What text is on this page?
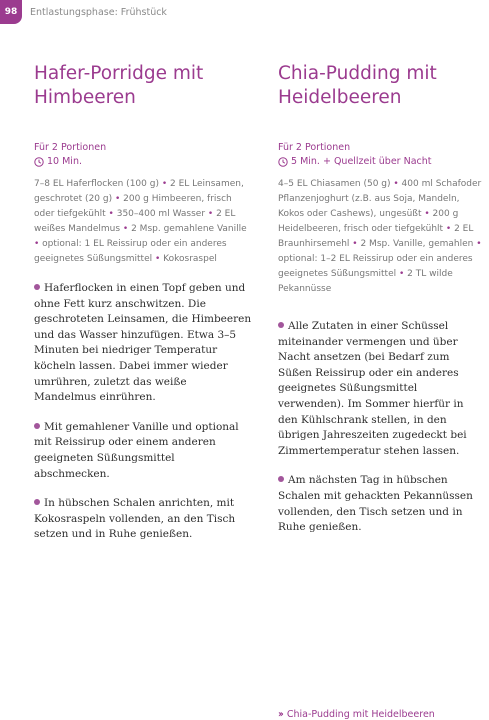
98 Entlastungsphase: Frühstück
Hafer-Porridge mit
Himbeeren
Für 2 Portionen
10 Min.
7–8 EL Haferflocken (100 g) • 2 EL Leinsamen, geschrotet (20 g) • 200 g Himbeeren, frisch oder tiefgekühlt • 350–400 ml Wasser • 2 EL weißes Mandelmus • 2 Msp. gemahlene Vanille • optional: 1 EL Reissirup oder ein anderes geeignetes Süßungsmittel • Kokosraspel

Haferflocken in einen Topf geben und ohne Fett kurz anschwitzen. Die geschroteten Leinsamen, die Himbeeren und das Wasser hinzufügen. Etwa 3–5 Minuten bei niedriger Temperatur köcheln lassen. Dabei immer wieder umrühren, zuletzt das weiße Mandelmus einrühren.

Mit gemahlener Vanille und optional mit Reissirup oder einem anderen geeigneten Süßungsmittel abschmecken.

In hübschen Schalen anrichten, mit Kokosraspeln vollenden, an den Tisch setzen und in Ruhe genießen.

Chia-Pudding mit
Heidelbeeren
Für 2 Portionen
5 Min. + Quellzeit über Nacht
4–5 EL Chiasamen (50 g) • 400 ml Schafoder Pflanzenjoghurt (z.B. aus Soja, Mandeln, Kokos oder Cashews), ungesüßt • 200 g Heidelbeeren, frisch oder tiefgekühlt • 2 EL Braunhirsemehl • 2 Msp. Vanille, gemahlen • optional: 1–2 EL Reissirup oder ein anderes geeignetes Süßungsmittel • 2 TL wilde Pekannüsse

Alle Zutaten in einer Schüssel miteinander vermengen und über Nacht ansetzen (bei Bedarf zum Süßen Reissirup oder ein anderes geeignetes Süßungsmittel verwenden). Im Sommer hierfür in den Kühlschrank stellen, in den übrigen Jahreszeiten zugedeckt bei Zimmertemperatur stehen lassen.

Am nächsten Tag in hübschen Schalen mit gehackten Pekannüssen vollenden, den Tisch setzen und in Ruhe genießen.

›› Chia-Pudding mit Heidelbeeren
